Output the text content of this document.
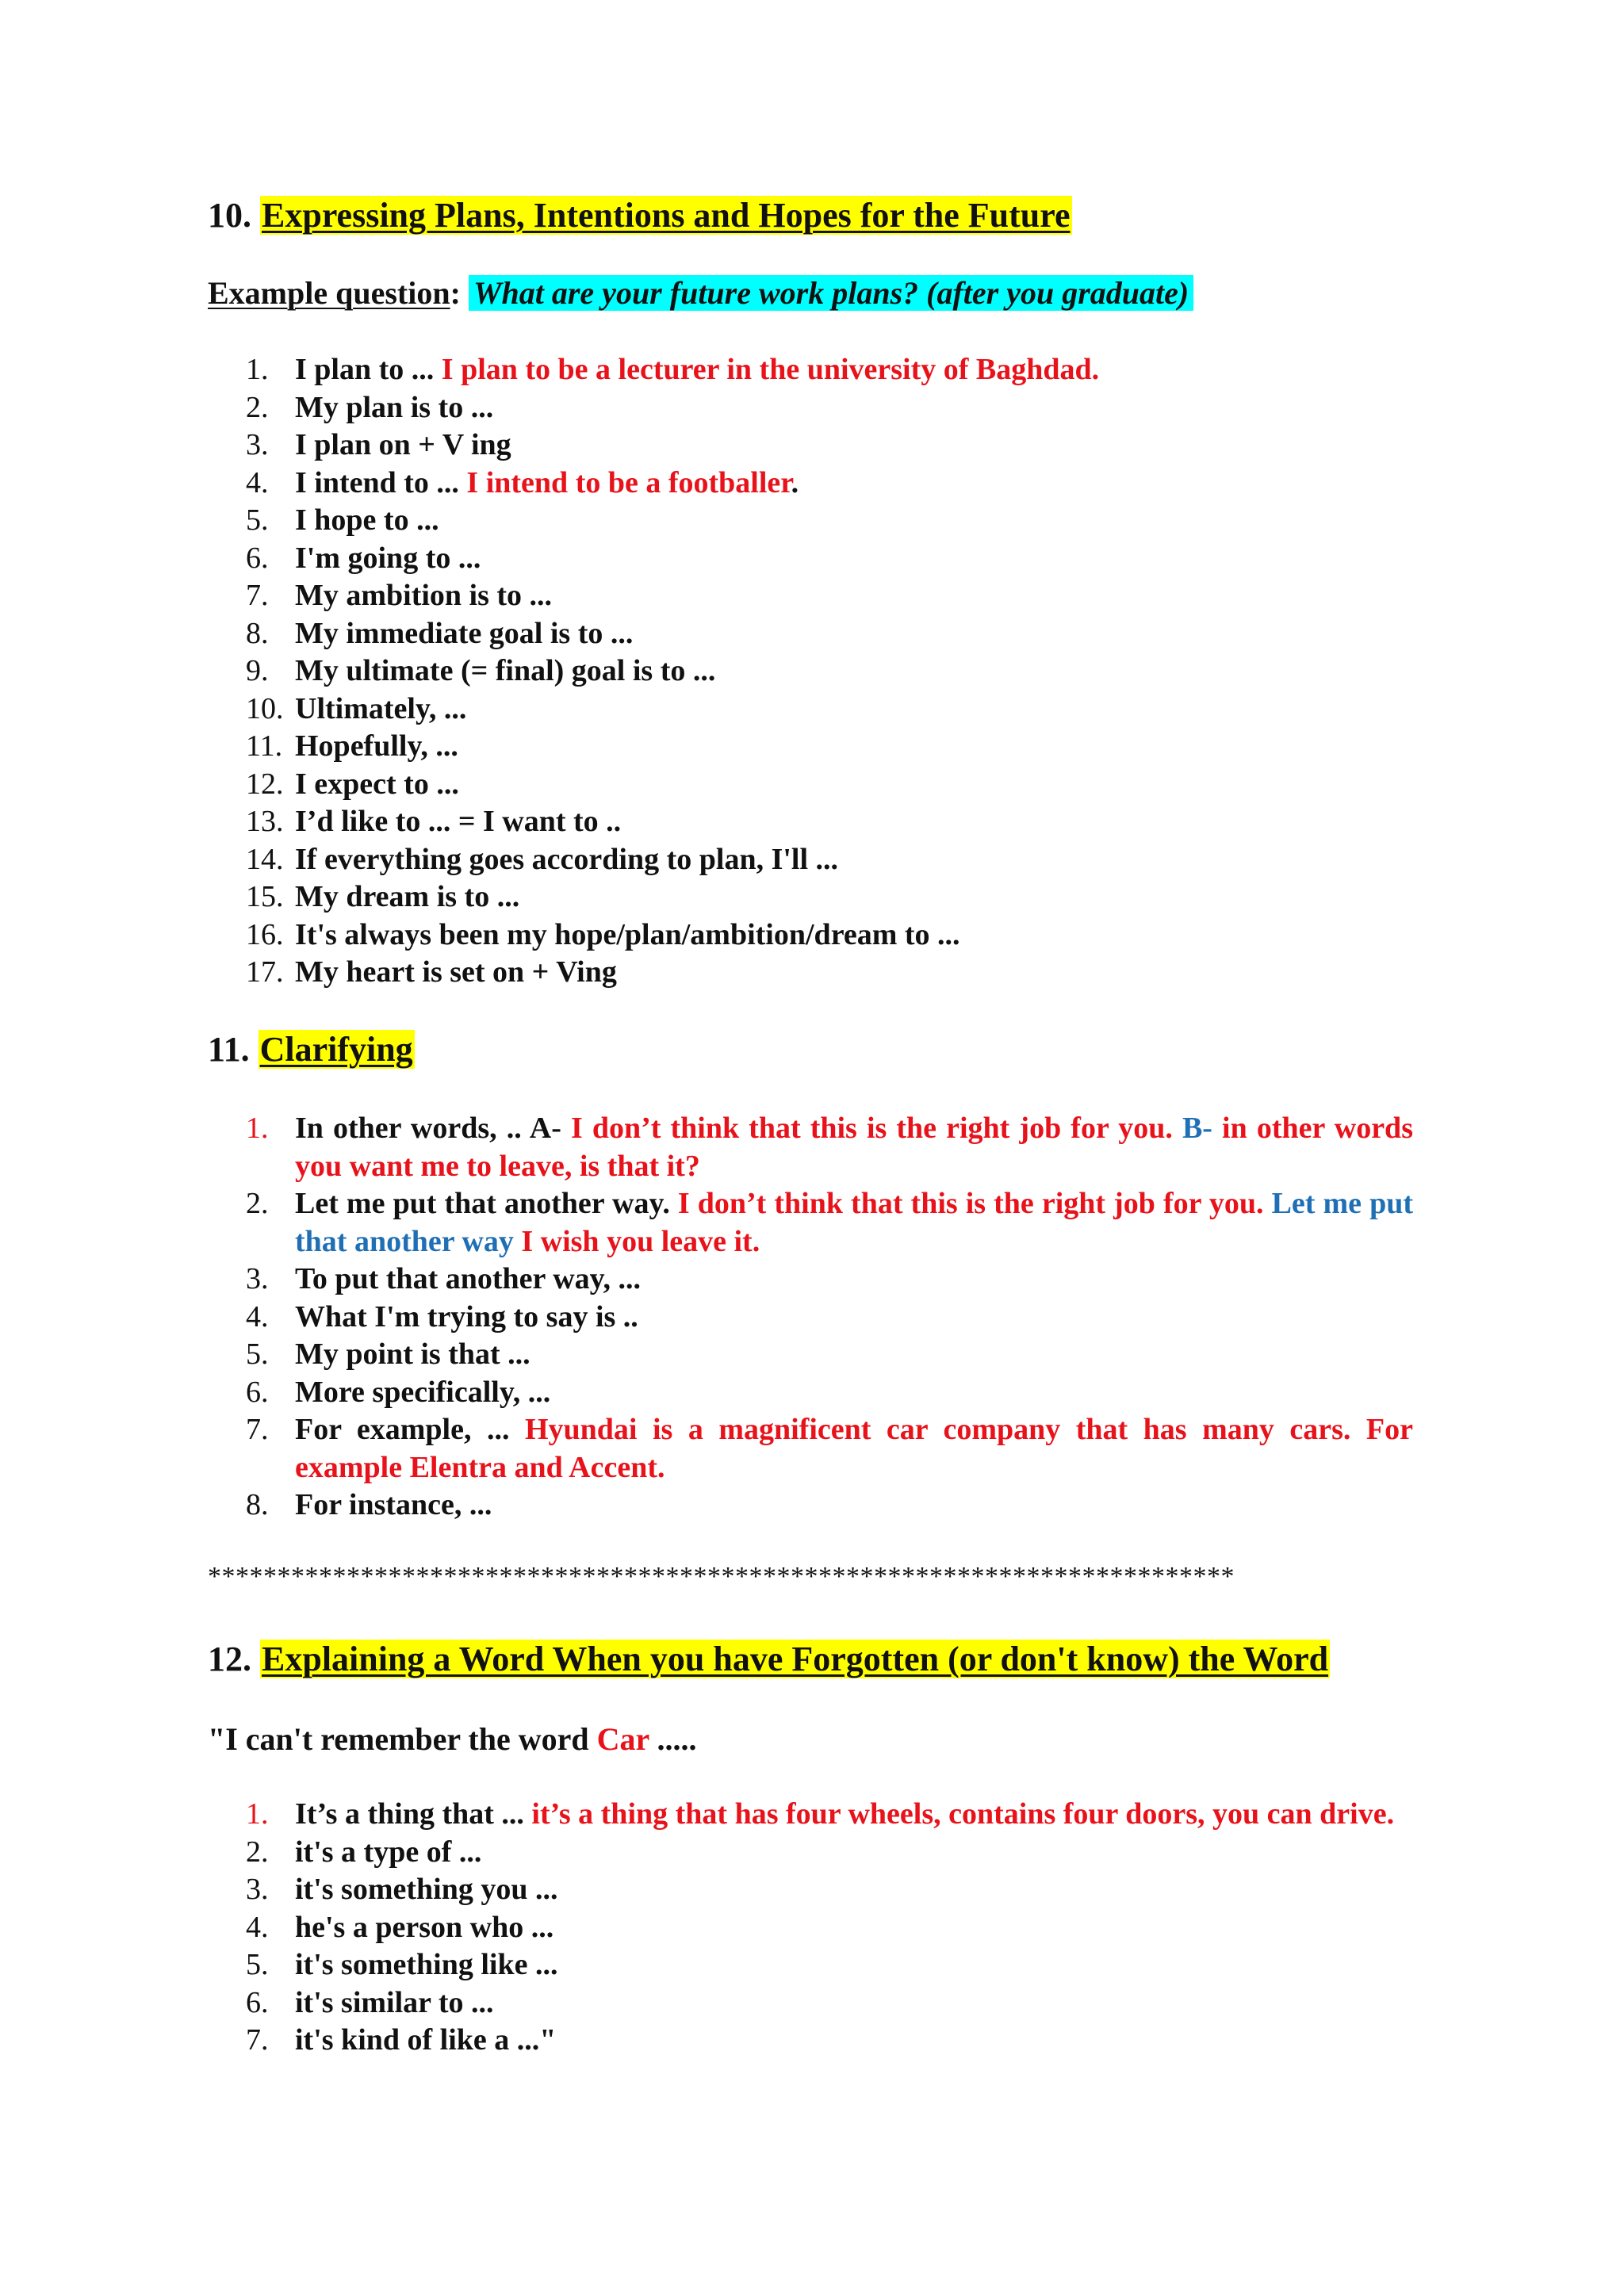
10. Expressing Plans, Intentions and Hopes for the Future
Example question: What are your future work plans? (after you graduate)
1. I plan to ... I plan to be a lecturer in the university of Baghdad.
2. My plan is to ...
3. I plan on + V ing
4. I intend to ... I intend to be a footballer.
5. I hope to ...
6. I'm going to ...
7. My ambition is to ...
8. My immediate goal is to ...
9. My ultimate (= final) goal is to ...
10. Ultimately, ...
11. Hopefully, ...
12. I expect to ...
13. I’d like to ... = I want to ..
14. If everything goes according to plan, I'll ...
15. My dream is to ...
16. It's always been my hope/plan/ambition/dream to ...
17. My heart is set on + Ving
11. Clarifying
1. In other words, .. A- I don’t think that this is the right job for you. B- in other words you want me to leave, is that it?
2. Let me put that another way. I don’t think that this is the right job for you. Let me put that another way I wish you leave it.
3. To put that another way, ...
4. What I'm trying to say is ..
5. My point is that ...
6. More specifically, ...
7. For example, ... Hyundai is a magnificent car company that has many cars. For example Elentra and Accent.
8. For instance, ...
**************************************************************************
12. Explaining a Word When you have Forgotten (or don't know) the Word
"I can't remember the word Car .....
1. It’s a thing that ... it’s a thing that has four wheels, contains four doors, you can drive.
2. it's a type of ...
3. it's something you ...
4. he's a person who ...
5. it's something like ...
6. it's similar to ...
7. it's kind of like a ..."
